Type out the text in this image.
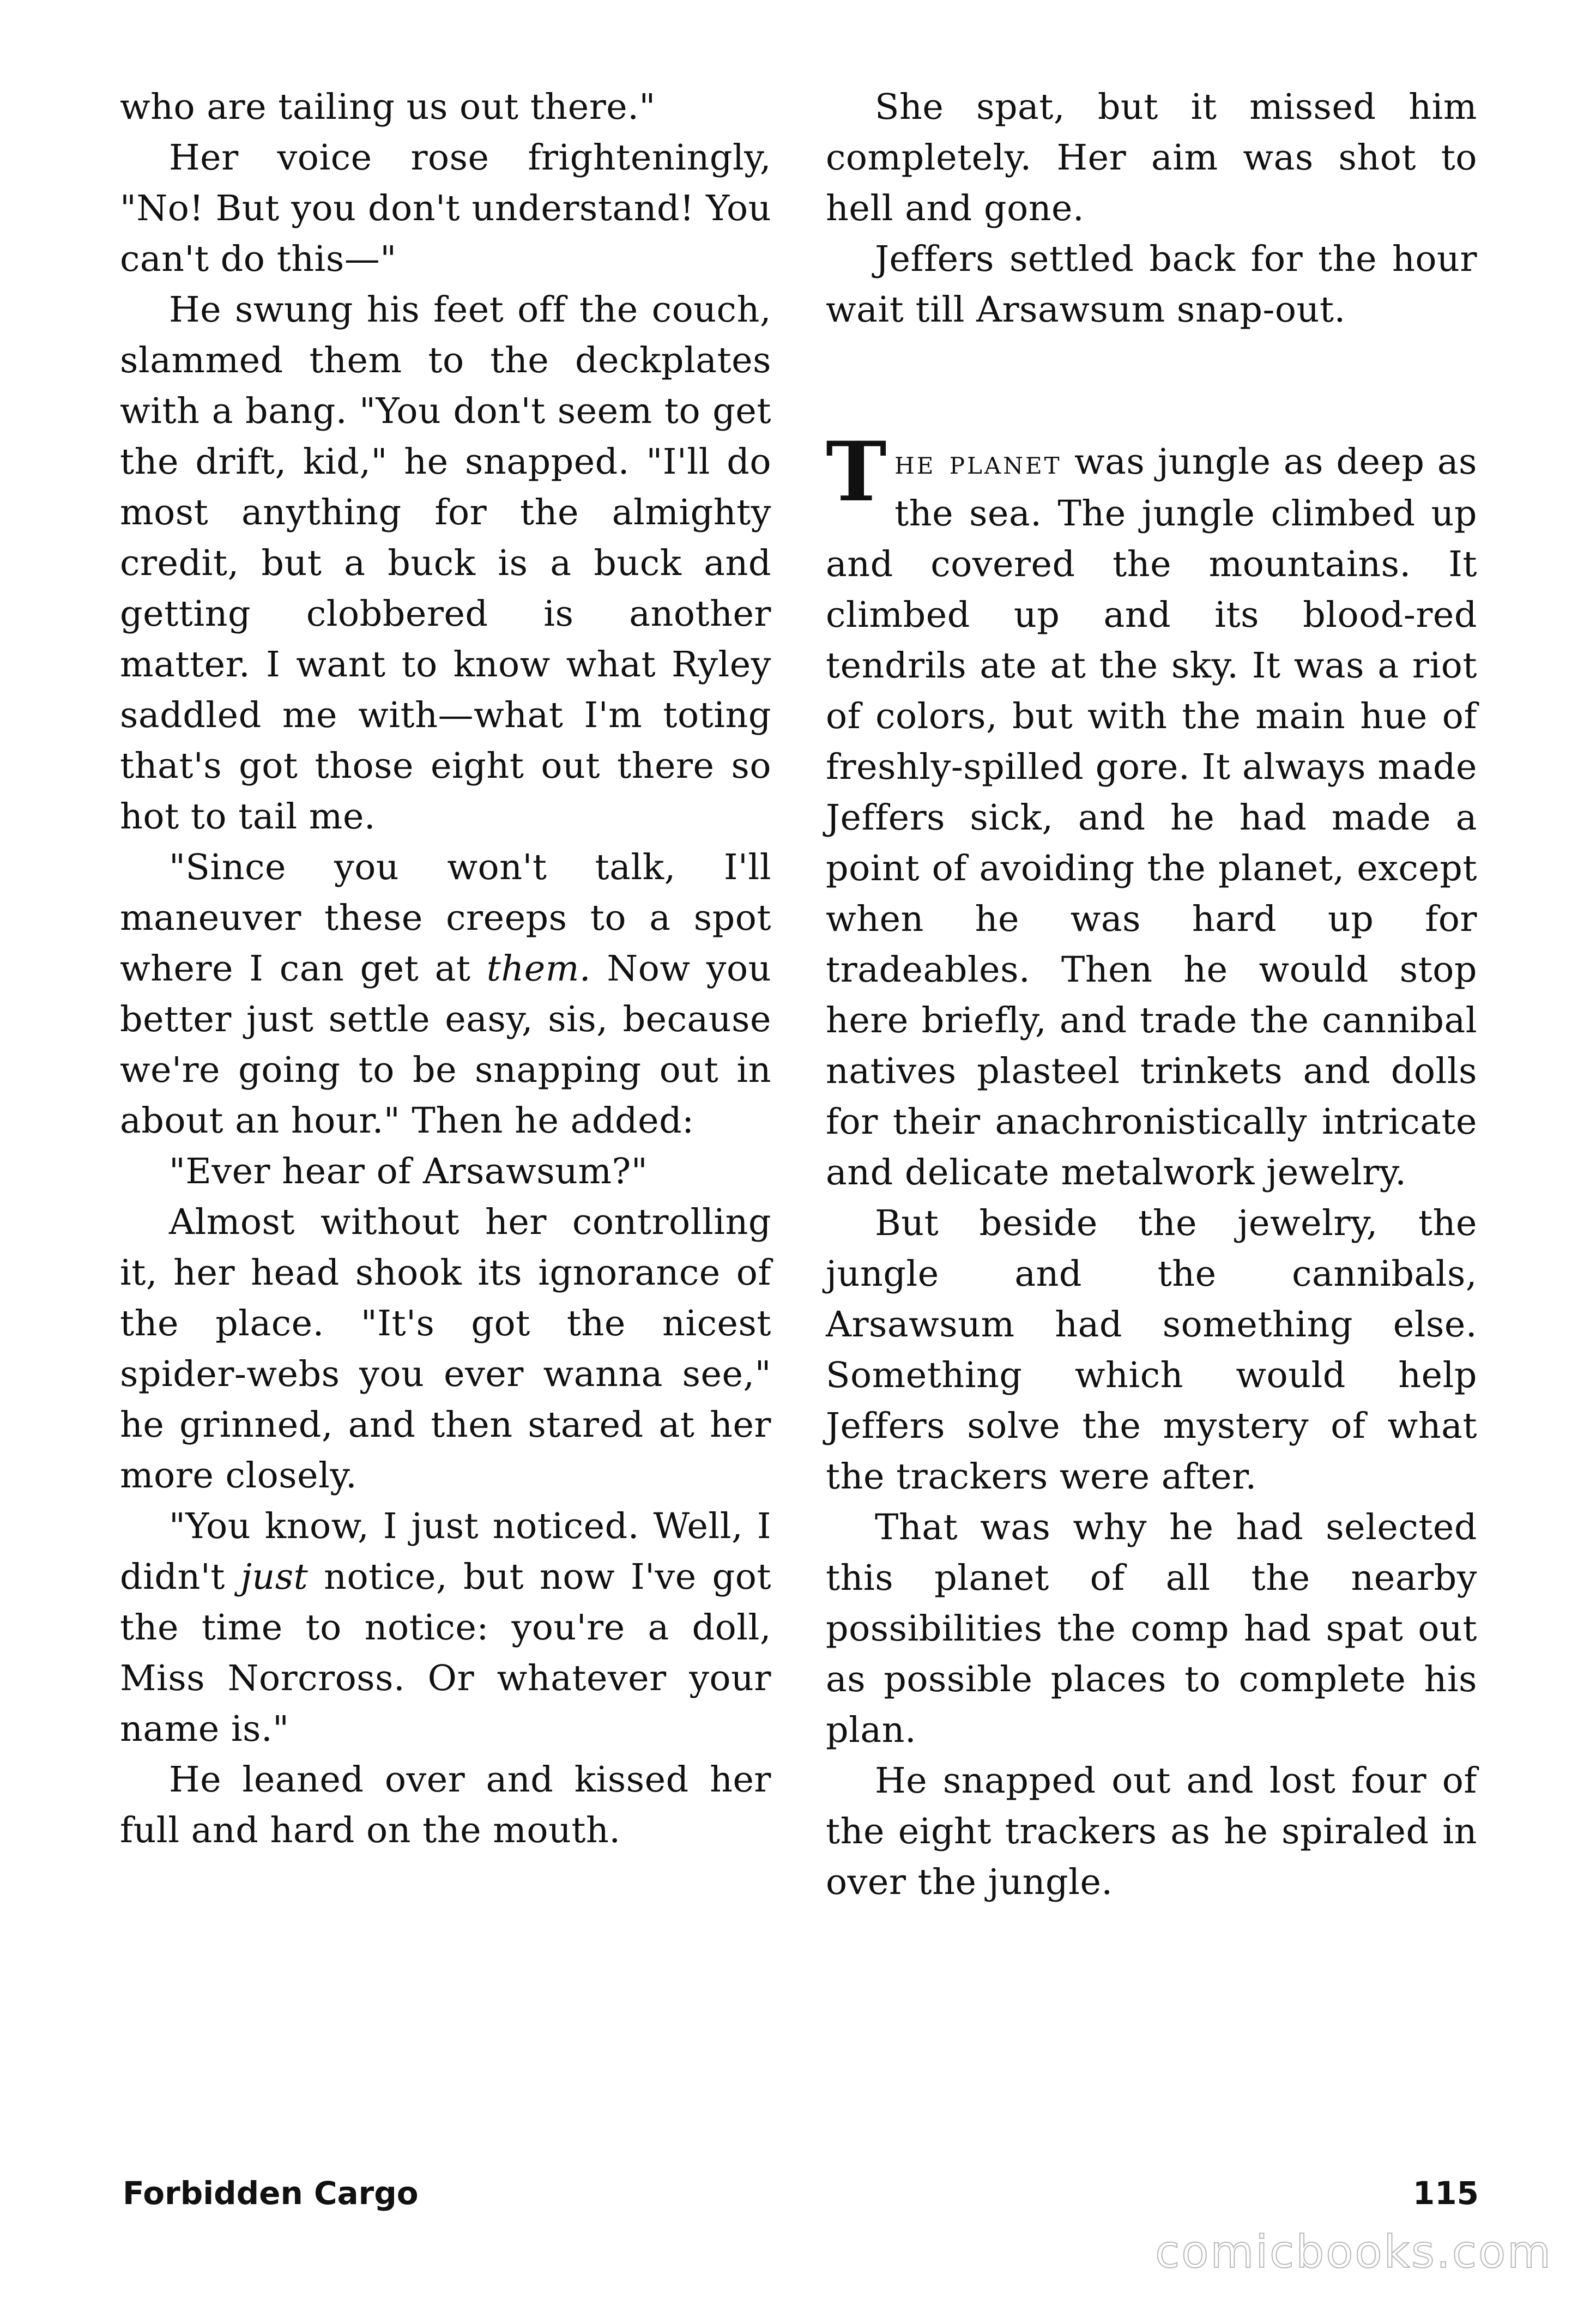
who are tailing us out there."

Her voice rose frighteningly, "No! But you don't understand! You can't do this—"

He swung his feet off the couch, slammed them to the deckplates with a bang. "You don't seem to get the drift, kid," he snapped. "I'll do most anything for the almighty credit, but a buck is a buck and getting clobbered is another matter. I want to know what Ryley saddled me with—what I'm toting that's got those eight out there so hot to tail me.

"Since you won't talk, I'll maneuver these creeps to a spot where I can get at them. Now you better just settle easy, sis, because we're going to be snapping out in about an hour." Then he added:

"Ever hear of Arsawsum?"

Almost without her controlling it, her head shook its ignorance of the place. "It's got the nicest spider-webs you ever wanna see," he grinned, and then stared at her more closely.

"You know, I just noticed. Well, I didn't just notice, but now I've got the time to notice: you're a doll, Miss Norcross. Or whatever your name is."

He leaned over and kissed her full and hard on the mouth.

She spat, but it missed him completely. Her aim was shot to hell and gone.

Jeffers settled back for the hour wait till Arsawsum snap-out.

The planet was jungle as deep as the sea. The jungle climbed up and covered the mountains. It climbed up and its blood-red tendrils ate at the sky. It was a riot of colors, but with the main hue of freshly-spilled gore. It always made Jeffers sick, and he had made a point of avoiding the planet, except when he was hard up for tradeables. Then he would stop here briefly, and trade the cannibal natives plasteel trinkets and dolls for their anachronistically intricate and delicate metalwork jewelry.

But beside the jewelry, the jungle and the cannibals, Arsawsum had something else. Something which would help Jeffers solve the mystery of what the trackers were after.

That was why he had selected this planet of all the nearby possibilities the comp had spat out as possible places to complete his plan.

He snapped out and lost four of the eight trackers as he spiraled in over the jungle.

Forbidden Cargo	115
comicbooks.com
